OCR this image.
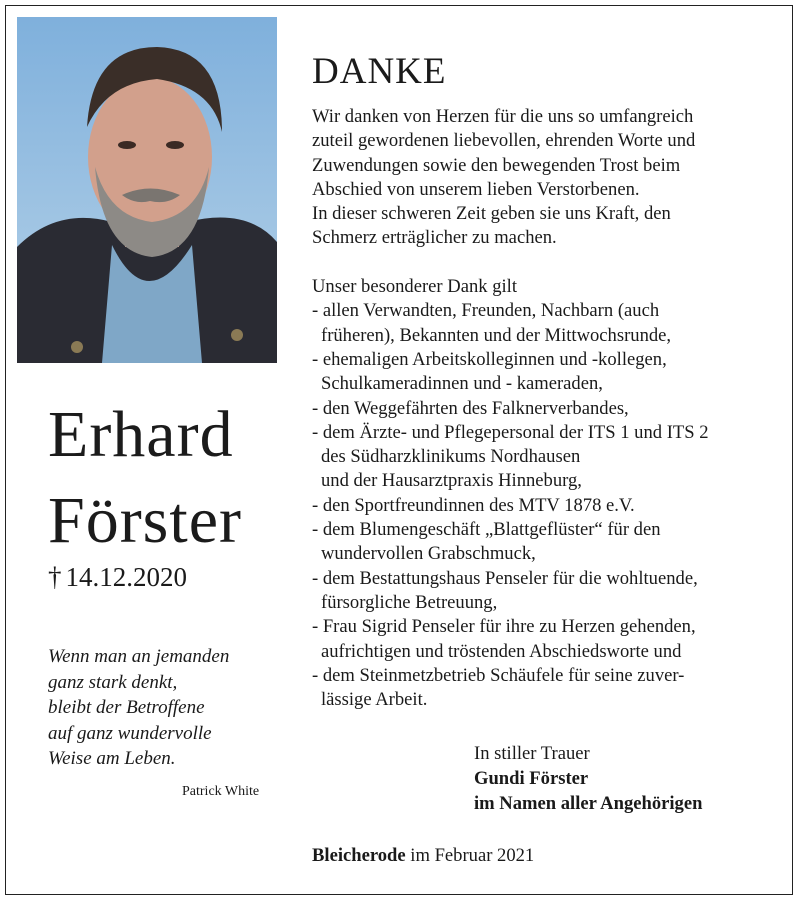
Erhard
Förster
† 14.12.2020
Wenn man an jemanden
ganz stark denkt,
bleibt der Betroffene
auf ganz wundervolle
Weise am Leben.
Patrick White
DANKE
Wir danken von Herzen für die uns so umfangreich
zuteil gewordenen liebevollen, ehrenden Worte und
Zuwendungen sowie den bewegenden Trost beim
Abschied von unserem lieben Verstorbenen.
In dieser schweren Zeit geben sie uns Kraft, den
Schmerz erträglicher zu machen.
Unser besonderer Dank gilt
- allen Verwandten, Freunden, Nachbarn (auch
früheren), Bekannten und der Mittwochsrunde,
- ehemaligen Arbeitskolleginnen und -kollegen,
Schulkameradinnen und - kameraden,
- den Weggefährten des Falknerverbandes,
- dem Ärzte- und Pflegepersonal der ITS 1 und ITS 2
des Südharzklinikums Nordhausen
und der Hausarztpraxis Hinneburg,
- den Sportfreundinnen des MTV 1878 e.V.
- dem Blumengeschäft „Blattgeflüster“ für den
wundervollen Grabschmuck,
- dem Bestattungshaus Penseler für die wohltuende,
fürsorgliche Betreuung,
- Frau Sigrid Penseler für ihre zu Herzen gehenden,
aufrichtigen und tröstenden Abschiedsworte und
- dem Steinmetzbetrieb Schäufele für seine zuver-
lässige Arbeit.
In stiller Trauer
Gundi Förster
im Namen aller Angehörigen
Bleicherode im Februar 2021
